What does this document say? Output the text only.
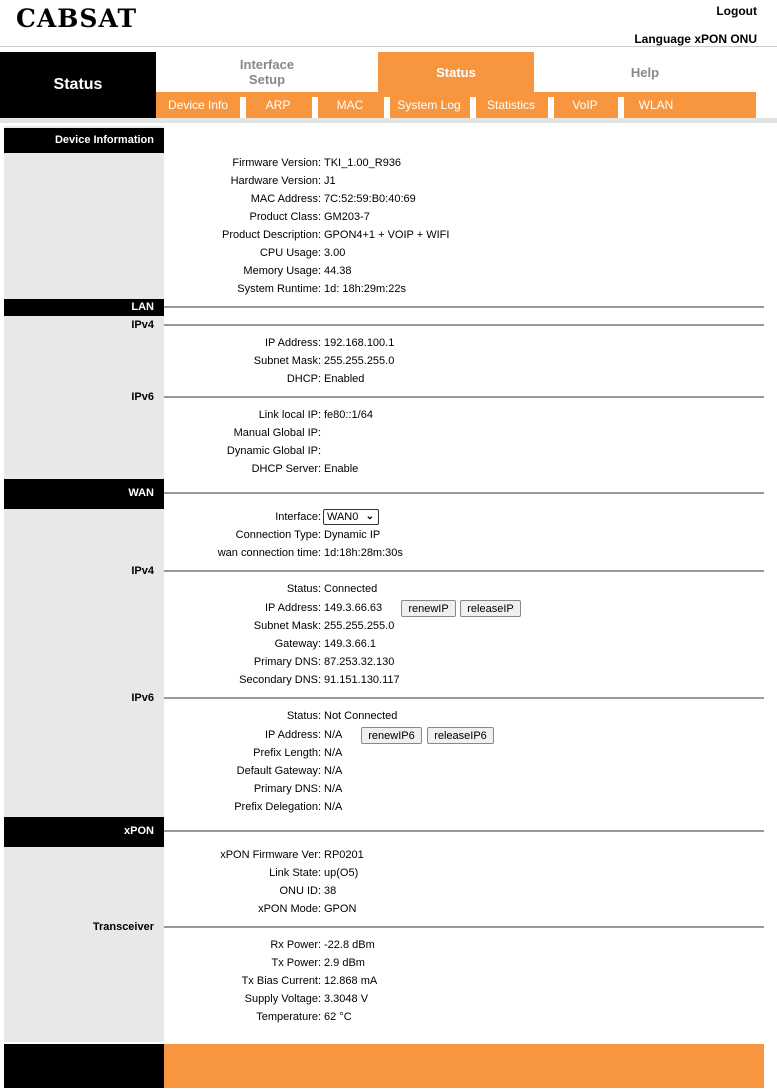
CABSAT	Logout
Language xPON ONU
Status
Interface
Setup	Status	Help
Device Info	ARP	MAC	System Log	Statistics	VoIP	WLAN
Device Information
Firmware Version : TKI_1.00_R936
Hardware Version : J1
MAC Address : 7C:52:59:B0:40:69
Product Class : GM203-7
Product Description : GPON4+1 + VOIP + WIFI
CPU Usage : 3.00
Memory Usage : 44.38
System Runtime : 1d: 18h:29m:22s
LAN
IPv4
IP Address : 192.168.100.1
Subnet Mask : 255.255.255.0
DHCP : Enabled
IPv6
Link local IP : fe80::1/64
Manual Global IP :
Dynamic Global IP :
DHCP Server : Enable
WAN
Interface : WAN0 ⌄
Connection Type : Dynamic IP
wan connection time : 1d:18h:28m:30s
IPv4
Status : Connected
IP Address : 149.3.66.63	renewIP	releaseIP
Subnet Mask : 255.255.255.0
Gateway : 149.3.66.1
Primary DNS : 87.253.32.130
Secondary DNS : 91.151.130.117
IPv6
Status : Not Connected
IP Address : N/A	renewIP6	releaseIP6
Prefix Length : N/A
Default Gateway : N/A
Primary DNS : N/A
Prefix Delegation : N/A
xPON
xPON Firmware Ver : RP0201
Link State : up(O5)
ONU ID : 38
xPON Mode : GPON
Transceiver
Rx Power : -22.8 dBm
Tx Power : 2.9 dBm
Tx Bias Current : 12.868 mA
Supply Voltage : 3.3048 V
Temperature : 62 °C
